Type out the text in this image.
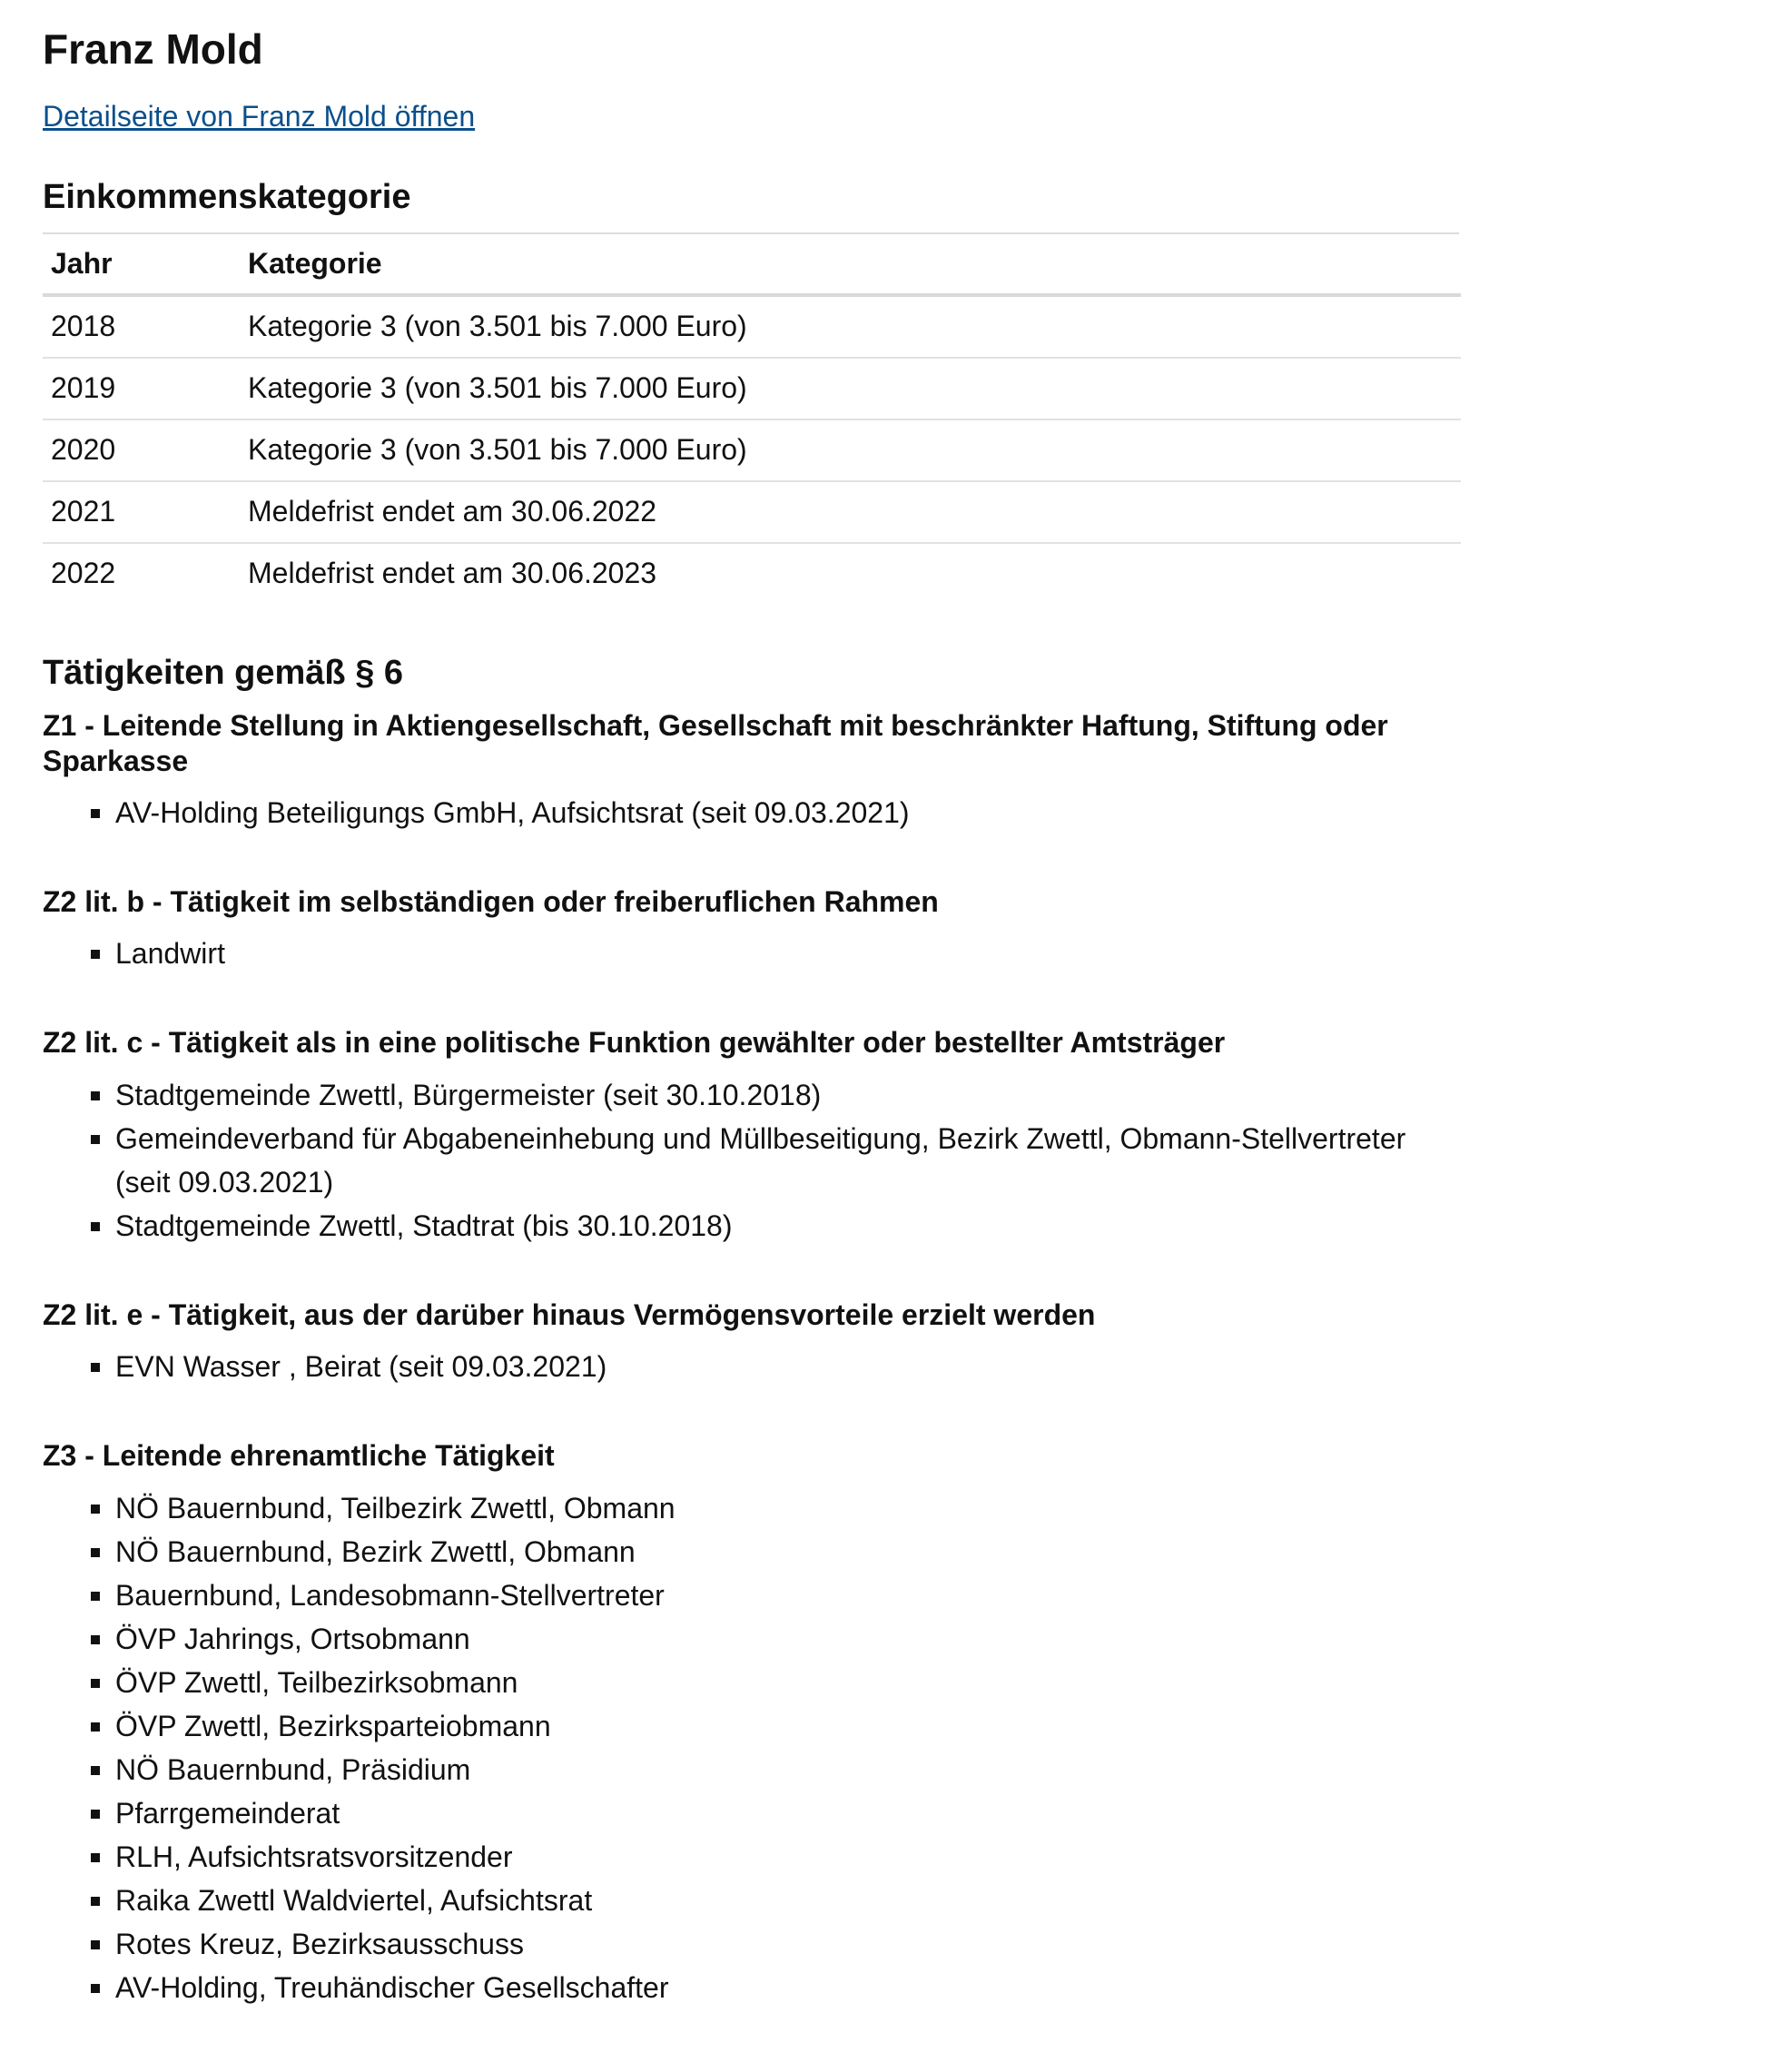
Franz Mold
Detailseite von Franz Mold öffnen
Einkommenskategorie
Jahr	Kategorie
2018	Kategorie 3 (von 3.501 bis 7.000 Euro)
2019	Kategorie 3 (von 3.501 bis 7.000 Euro)
2020	Kategorie 3 (von 3.501 bis 7.000 Euro)
2021	Meldefrist endet am 30.06.2022
2022	Meldefrist endet am 30.06.2023
Tätigkeiten gemäß § 6
Z1 - Leitende Stellung in Aktiengesellschaft, Gesellschaft mit beschränkter Haftung, Stiftung oder Sparkasse
AV-Holding Beteiligungs GmbH, Aufsichtsrat (seit 09.03.2021)
Z2 lit. b - Tätigkeit im selbständigen oder freiberuflichen Rahmen
Landwirt
Z2 lit. c - Tätigkeit als in eine politische Funktion gewählter oder bestellter Amtsträger
Stadtgemeinde Zwettl, Bürgermeister (seit 30.10.2018)
Gemeindeverband für Abgabeneinhebung und Müllbeseitigung, Bezirk Zwettl, Obmann-Stellvertreter (seit 09.03.2021)
Stadtgemeinde Zwettl, Stadtrat (bis 30.10.2018)
Z2 lit. e - Tätigkeit, aus der darüber hinaus Vermögensvorteile erzielt werden
EVN Wasser , Beirat (seit 09.03.2021)
Z3 - Leitende ehrenamtliche Tätigkeit
NÖ Bauernbund, Teilbezirk Zwettl, Obmann
NÖ Bauernbund, Bezirk Zwettl, Obmann
Bauernbund, Landesobmann-Stellvertreter
ÖVP Jahrings, Ortsobmann
ÖVP Zwettl, Teilbezirksobmann
ÖVP Zwettl, Bezirksparteiobmann
NÖ Bauernbund, Präsidium
Pfarrgemeinderat
RLH, Aufsichtsratsvorsitzender
Raika Zwettl Waldviertel, Aufsichtsrat
Rotes Kreuz, Bezirksausschuss
AV-Holding, Treuhändischer Gesellschafter
